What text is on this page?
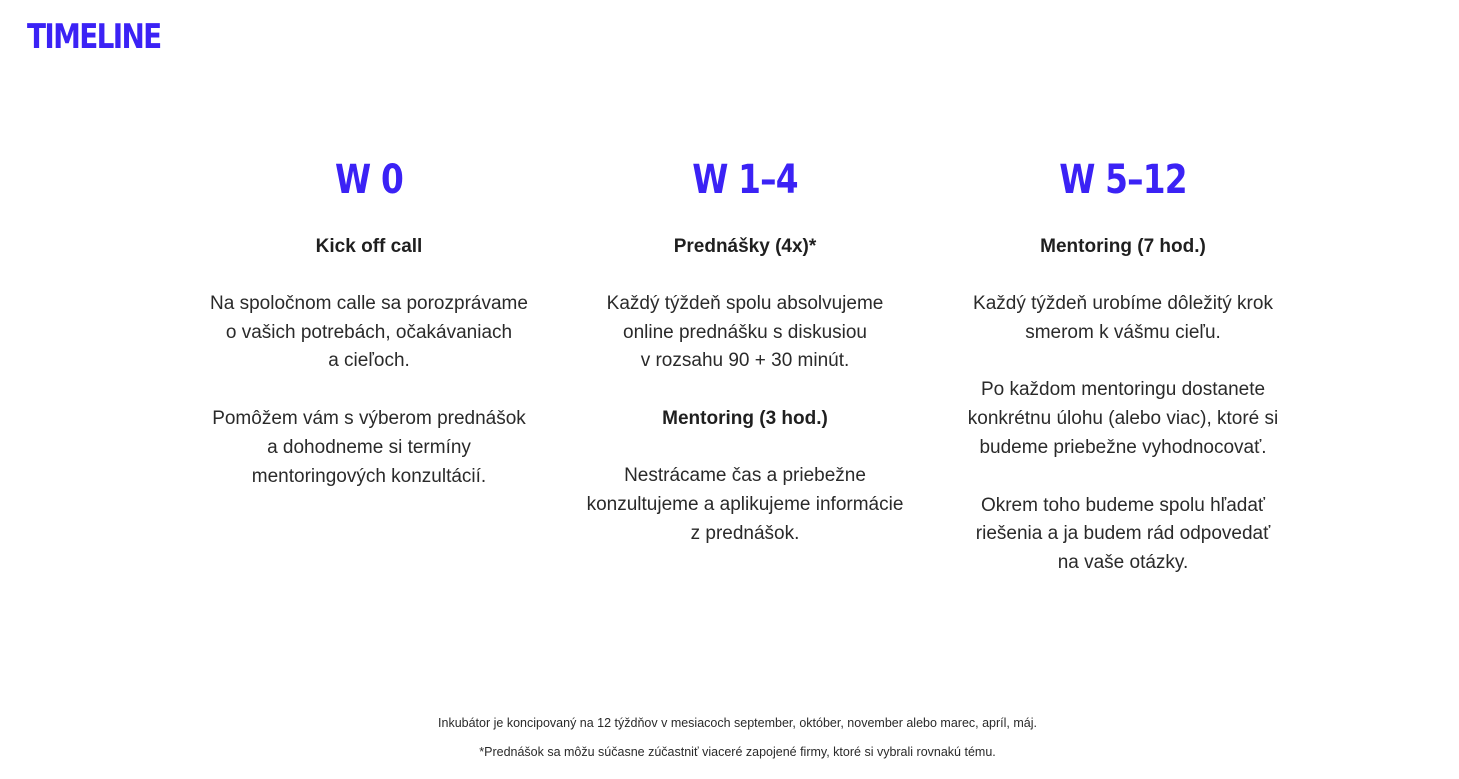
TIMELINE
W 0
Kick off call
Na spoločnom calle sa porozprávame
o vašich potrebách, očakávaniach
a cieľoch.
Pomôžem vám s výberom prednášok
a dohodneme si termíny
mentoringových konzultácií.
W 1–4
Prednášky (4x)*
Každý týždeň spolu absolvujeme
online prednášku s diskusiou
v rozsahu 90 + 30 minút.
Mentoring (3 hod.)
Nestrácame čas a priebežne
konzultujeme a aplikujeme informácie
z prednášok.
W 5–12
Mentoring (7 hod.)
Každý týždeň urobíme dôležitý krok
smerom k vášmu cieľu.
Po každom mentoringu dostanete
konkrétnu úlohu (alebo viac), ktoré si
budeme priebežne vyhodnocovať.
Okrem toho budeme spolu hľadať
riešenia a ja budem rád odpovedať
na vaše otázky.
Inkubátor je koncipovaný na 12 týždňov v mesiacoch september, október, november alebo marec, apríl, máj.
*Prednášok sa môžu súčasne zúčastniť viaceré zapojené firmy, ktoré si vybrali rovnakú tému.
